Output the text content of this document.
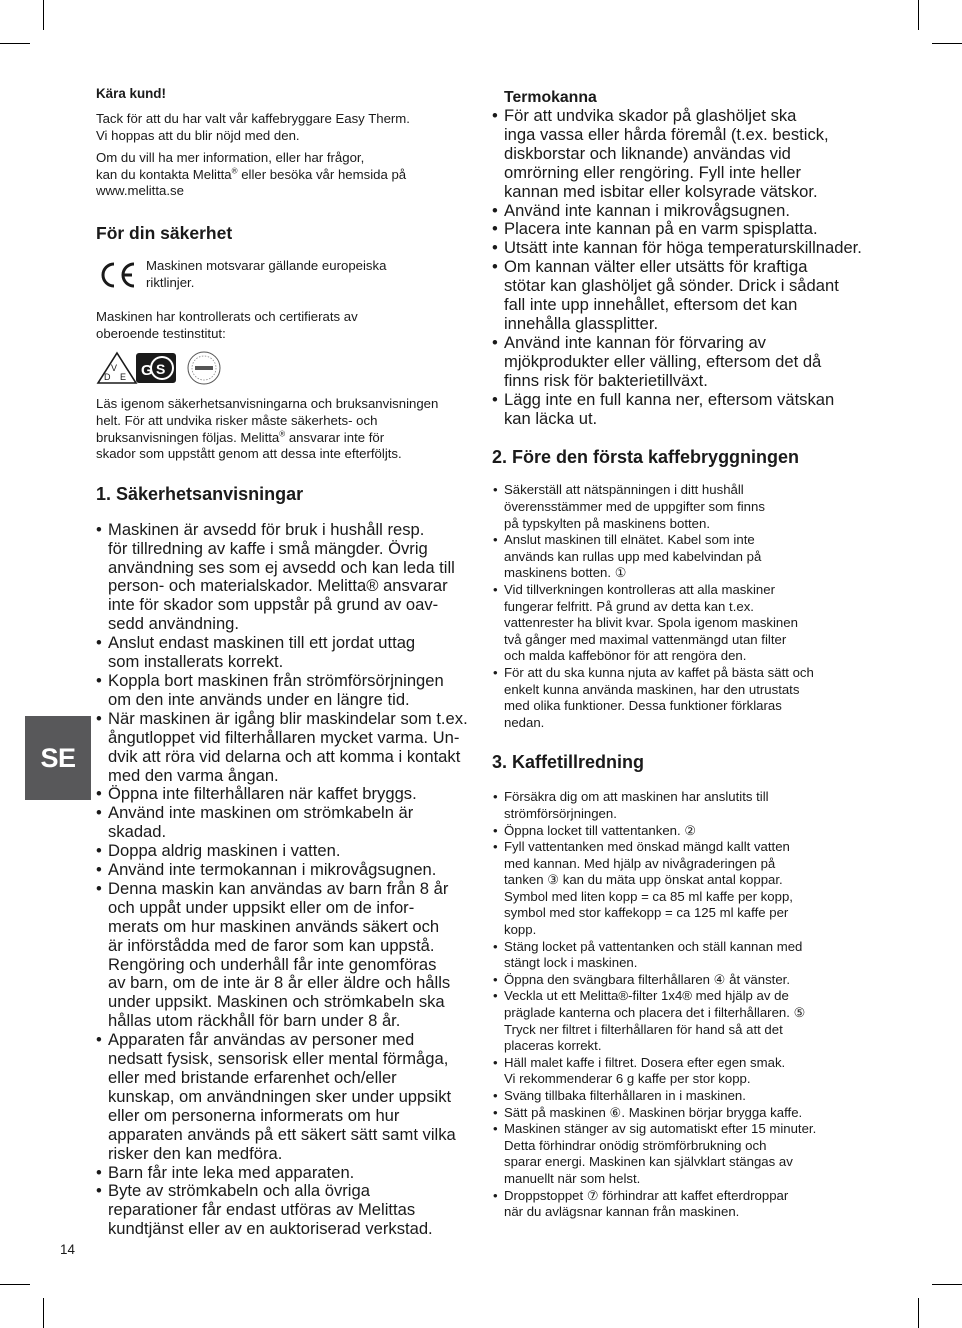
SE
14
Kära kund!

Tack för att du har valt vår kaffebryggare Easy Therm.
Vi hoppas att du blir nöjd med den.

Om du vill ha mer information, eller har frågor,
kan du kontakta Melitta® eller besöka vår hemsida på
www.melitta.se

För din säkerhet

Maskinen motsvarar gällande europeiska
riktlinjer.

Maskinen har kontrollerats och certifierats av
oberoende testinstitut:

V
D E G S

Läs igenom säkerhetsanvisningarna och bruksanvisningen
helt. För att undvika risker måste säkerhets- och
bruksanvisningen följas. Melitta® ansvarar inte för
skador som uppstått genom att dessa inte efterföljts.

1. Säkerhetsanvisningar
• Maskinen är avsedd för bruk i hushåll resp.
för tillredning av kaffe i små mängder. Övrig
användning ses som ej avsedd och kan leda till
person- och materialskador. Melitta® ansvarar
inte för skador som uppstår på grund av oav-
sedd användning.
• Anslut endast maskinen till ett jordat uttag
som installerats korrekt.
• Koppla bort maskinen från strömförsörjningen
om den inte används under en längre tid.
• När maskinen är igång blir maskindelar som t.ex.
ångutloppet vid filterhållaren mycket varma. Un-
dvik att röra vid delarna och att komma i kontakt
med den varma ångan.
• Öppna inte filterhållaren när kaffet bryggs.
• Använd inte maskinen om strömkabeln är
skadad.
• Doppa aldrig maskinen i vatten.
• Använd inte termokannan i mikrovågsugnen.
• Denna maskin kan användas av barn från 8 år
och uppåt under uppsikt eller om de infor-
merats om hur maskinen används säkert och
är införstådda med de faror som kan uppstå.
Rengöring och underhåll får inte genomföras
av barn, om de inte är 8 år eller äldre och hålls
under uppsikt. Maskinen och strömkabeln ska
hållas utom räckhåll för barn under 8 år.
• Apparaten får användas av personer med
nedsatt fysisk, sensorisk eller mental förmåga,
eller med bristande erfarenhet och/eller
kunskap, om användningen sker under uppsikt
eller om personerna informerats om hur
apparaten används på ett säkert sätt samt vilka
risker den kan medföra.
• Barn får inte leka med apparaten.
• Byte av strömkabeln och alla övriga
reparationer får endast utföras av Melittas
kundtjänst eller av en auktoriserad verkstad.
Termokanna
• För att undvika skador på glashöljet ska
inga vassa eller hårda föremål (t.ex. bestick,
diskborstar och liknande) användas vid
omrörning eller rengöring. Fyll inte heller
kannan med isbitar eller kolsyrade vätskor.
• Använd inte kannan i mikrovågsugnen.
• Placera inte kannan på en varm spisplatta.
• Utsätt inte kannan för höga temperaturskillnader.
• Om kannan välter eller utsätts för kraftiga
stötar kan glashöljet gå sönder. Drick i sådant
fall inte upp innehållet, eftersom det kan
innehålla glassplitter.
• Använd inte kannan för förvaring av
mjökprodukter eller välling, eftersom det då
finns risk för bakterietillväxt.
• Lägg inte en full kanna ner, eftersom vätskan
kan läcka ut.
2. Före den första kaffebryggningen
• Säkerställ att nätspänningen i ditt hushåll
överensstämmer med de uppgifter som finns
på typskylten på maskinens botten.
• Anslut maskinen till elnätet. Kabel som inte
används kan rullas upp med kabelvindan på
maskinens botten. ①
• Vid tillverkningen kontrolleras att alla maskiner
fungerar felfritt. På grund av detta kan t.ex.
vattenrester ha blivit kvar. Spola igenom maskinen
två gånger med maximal vattenmängd utan filter
och malda kaffebönor för att rengöra den.
• För att du ska kunna njuta av kaffet på bästa sätt och
enkelt kunna använda maskinen, har den utrustats
med olika funktioner. Dessa funktioner förklaras
nedan.
3. Kaffetillredning
• Försäkra dig om att maskinen har anslutits till
strömförsörjningen.
• Öppna locket till vattentanken. ②
• Fyll vattentanken med önskad mängd kallt vatten
med kannan. Med hjälp av nivågraderingen på
tanken ③ kan du mäta upp önskat antal koppar.
Symbol med liten kopp = ca 85 ml kaffe per kopp,
symbol med stor kaffekopp = ca 125 ml kaffe per
kopp.
• Stäng locket på vattentanken och ställ kannan med
stängt lock i maskinen.
• Öppna den svängbara filterhållaren ④ åt vänster.
• Veckla ut ett Melitta®-filter 1x4® med hjälp av de
präglade kanterna och placera det i filterhållaren. ⑤
Tryck ner filtret i filterhållaren för hand så att det
placeras korrekt.
• Häll malet kaffe i filtret. Dosera efter egen smak.
Vi rekommenderar 6 g kaffe per stor kopp.
• Sväng tillbaka filterhållaren in i maskinen.
• Sätt på maskinen ⑥. Maskinen börjar brygga kaffe.
• Maskinen stänger av sig automatiskt efter 15 minuter.
Detta förhindrar onödig strömförbrukning och
sparar energi. Maskinen kan självklart stängas av
manuellt när som helst.
• Droppstoppet ⑦ förhindrar att kaffet efterdroppar
när du avlägsnar kannan från maskinen.
